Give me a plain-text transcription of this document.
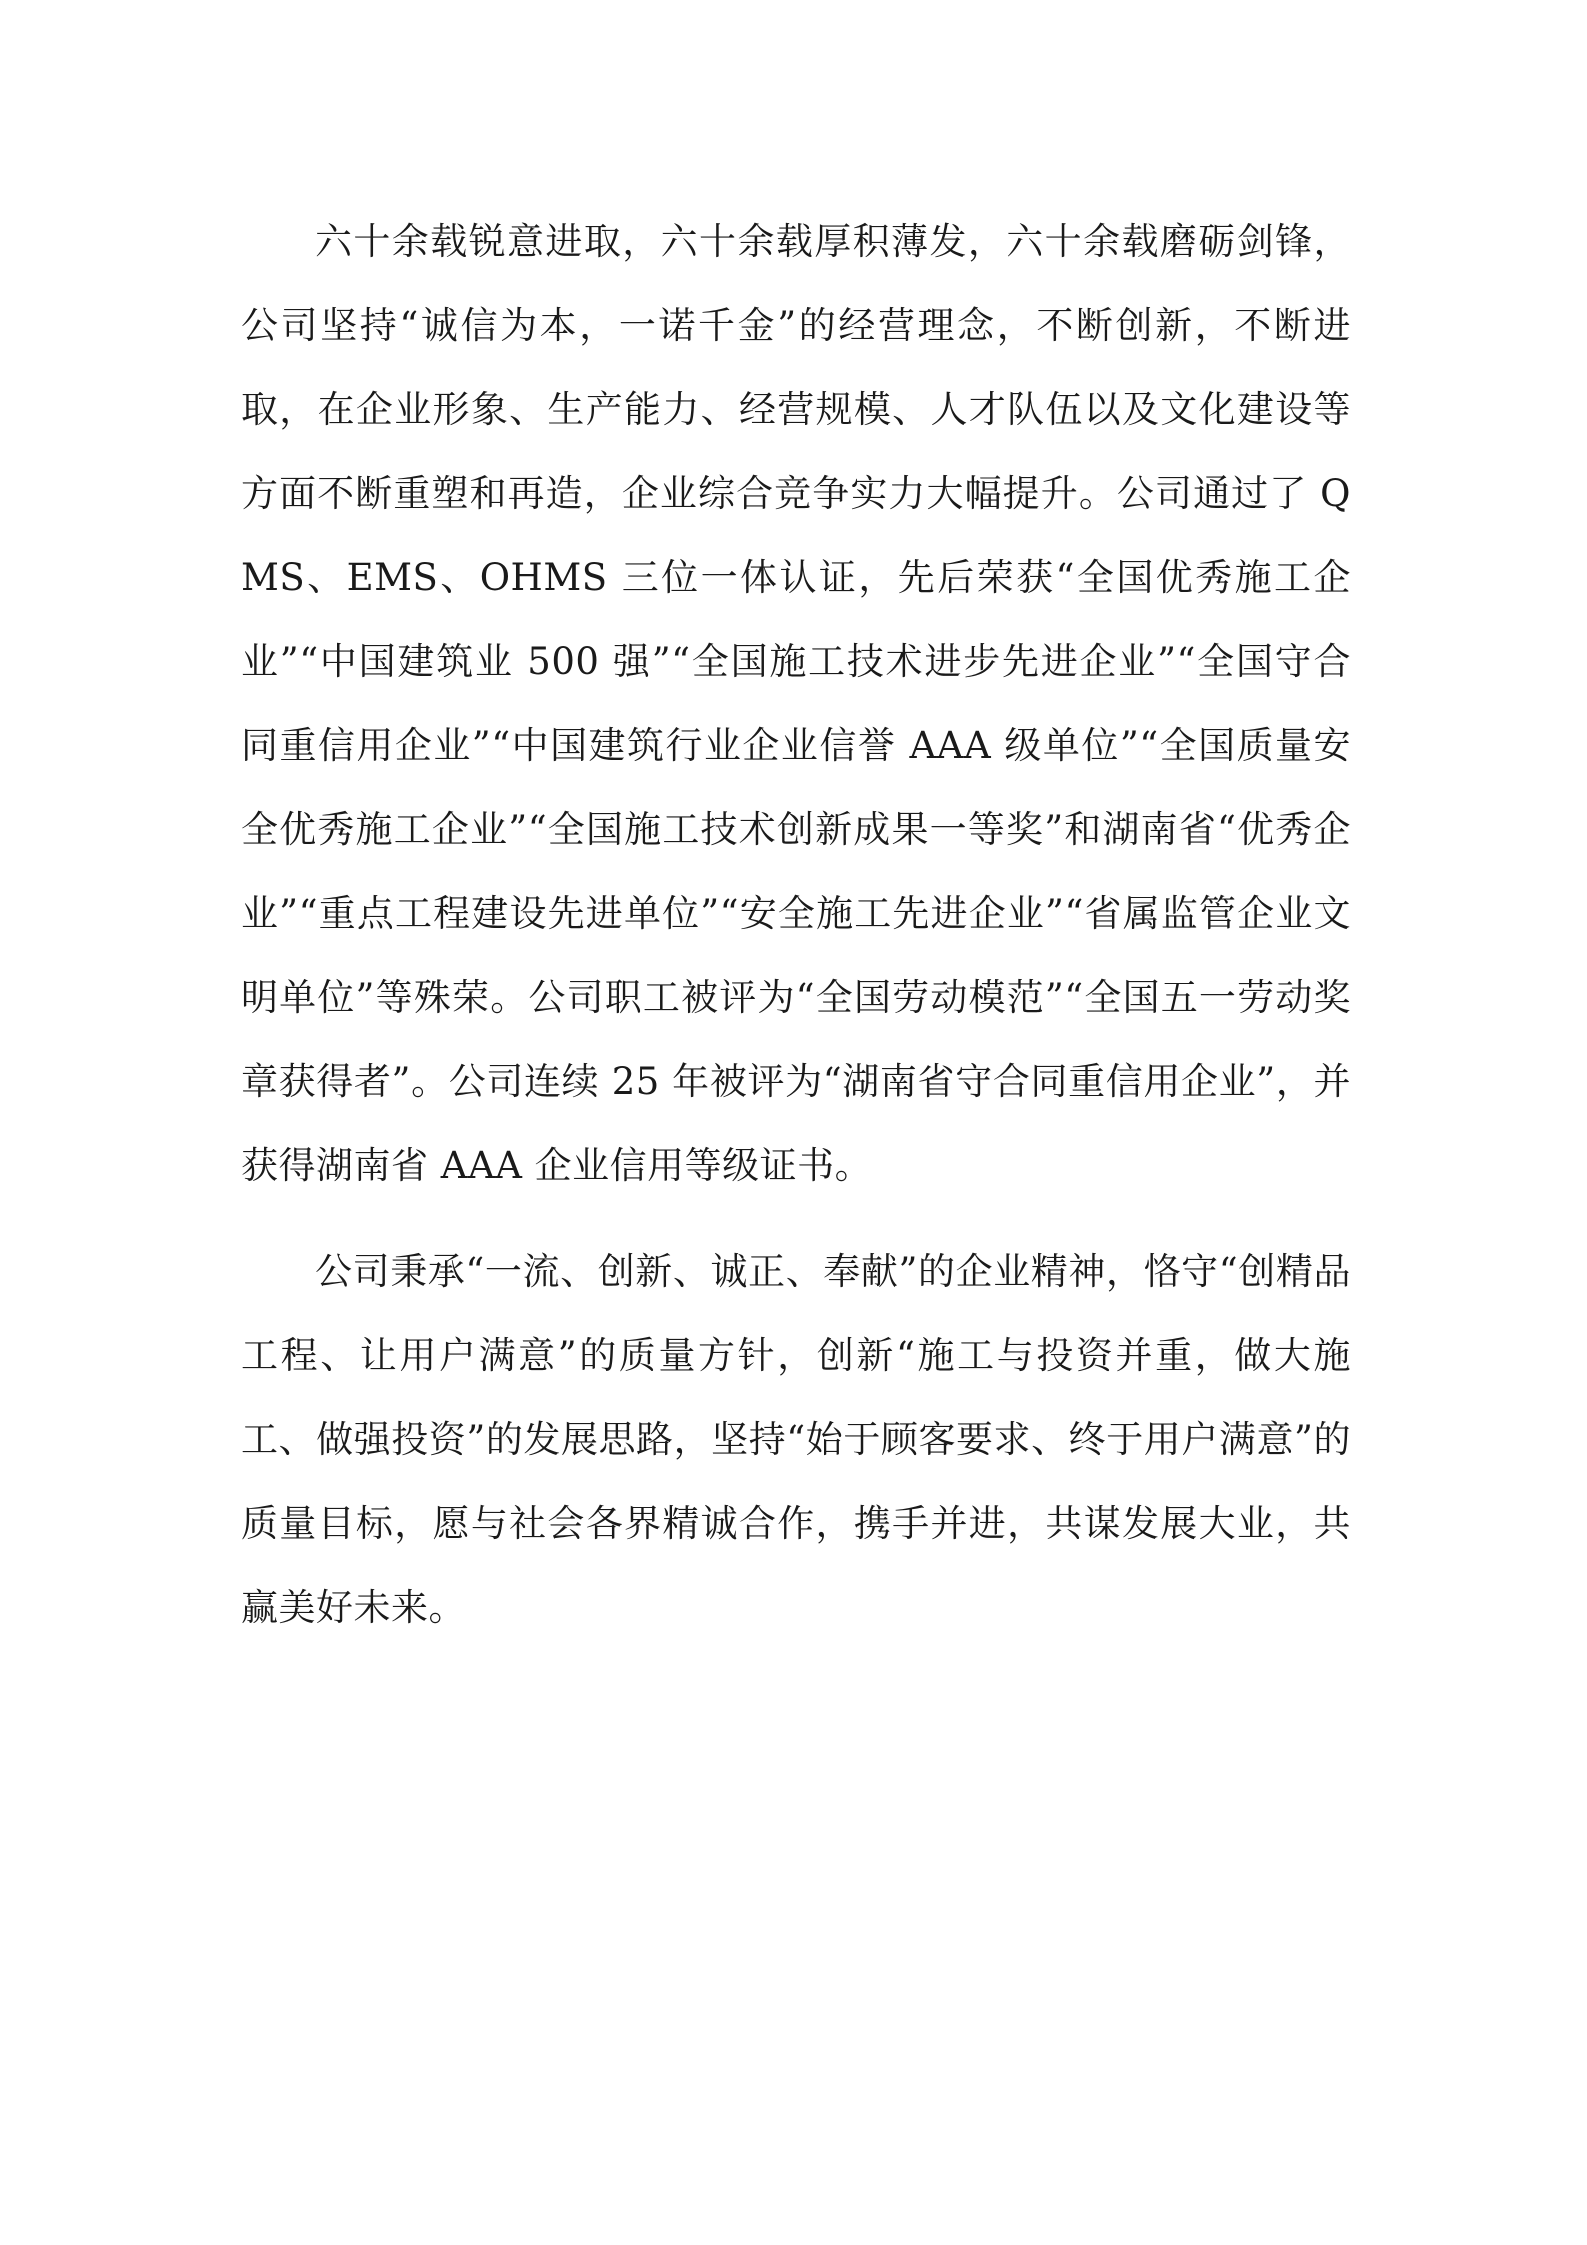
六十余载锐意进取，六十余载厚积薄发，六十余载磨砺剑锋，公司坚持“诚信为本，一诺千金”的经营理念，不断创新，不断进取，在企业形象、生产能力、经营规模、人才队伍以及文化建设等方面不断重塑和再造，企业综合竞争实力大幅提升。公司通过了 QMS、EMS、OHMS 三位一体认证，先后荣获“全国优秀施工企业”“中国建筑业 500 强”“全国施工技术进步先进企业”“全国守合同重信用企业”“中国建筑行业企业信誉 AAA 级单位”“全国质量安全优秀施工企业”“全国施工技术创新成果一等奖”和湖南省“优秀企业”“重点工程建设先进单位”“安全施工先进企业”“省属监管企业文明单位”等殊荣。公司职工被评为“全国劳动模范”“全国五一劳动奖章获得者”。公司连续 25 年被评为“湖南省守合同重信用企业”，并获得湖南省 AAA 企业信用等级证书。

公司秉承“一流、创新、诚正、奉献”的企业精神，恪守“创精品工程、让用户满意”的质量方针，创新“施工与投资并重，做大施工、做强投资”的发展思路，坚持“始于顾客要求、终于用户满意”的质量目标，愿与社会各界精诚合作，携手并进，共谋发展大业，共赢美好未来。
